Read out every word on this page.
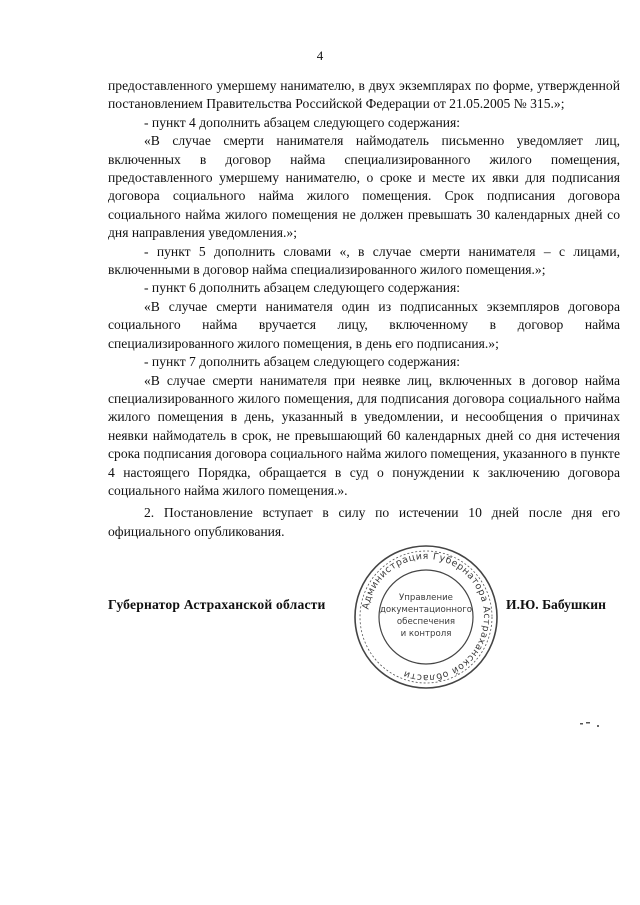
4

предоставленного умершему нанимателю, в двух экземплярах по форме, утвержденной постановлением Правительства Российской Федерации от 21.05.2005 № 315.»;

- пункт 4 дополнить абзацем следующего содержания:

«В случае смерти нанимателя наймодатель письменно уведомляет лиц, включенных в договор найма специализированного жилого помещения, предоставленного умершему нанимателю, о сроке и месте их явки для подписания договора социального найма жилого помещения. Срок подписания договора социального найма жилого помещения не должен превышать 30 календарных дней со дня направления уведомления.»;

- пункт 5 дополнить словами «, в случае смерти нанимателя – с лицами, включенными в договор найма специализированного жилого помещения.»;

- пункт 6 дополнить абзацем следующего содержания:

«В случае смерти нанимателя один из подписанных экземпляров договора социального найма вручается лицу, включенному в договор найма специализированного жилого помещения, в день его подписания.»;

- пункт 7 дополнить абзацем следующего содержания:

«В случае смерти нанимателя при неявке лиц, включенных в договор найма специализированного жилого помещения, для подписания договора социального найма жилого помещения в день, указанный в уведомлении, и несообщения о причинах неявки наймодатель в срок, не превышающий 60 календарных дней со дня истечения срока подписания договора социального найма жилого помещения, указанного в пункте 4 настоящего Порядка, обращается в суд о понуждении к заключению договора социального найма жилого помещения.».

2. Постановление вступает в силу по истечении 10 дней после дня его официального опубликования.

Губернатор Астраханской области	И.Ю. Бабушкин
Администрация Губернатора Астраханской области
Управление
документационного
обеспечения
и контроля
